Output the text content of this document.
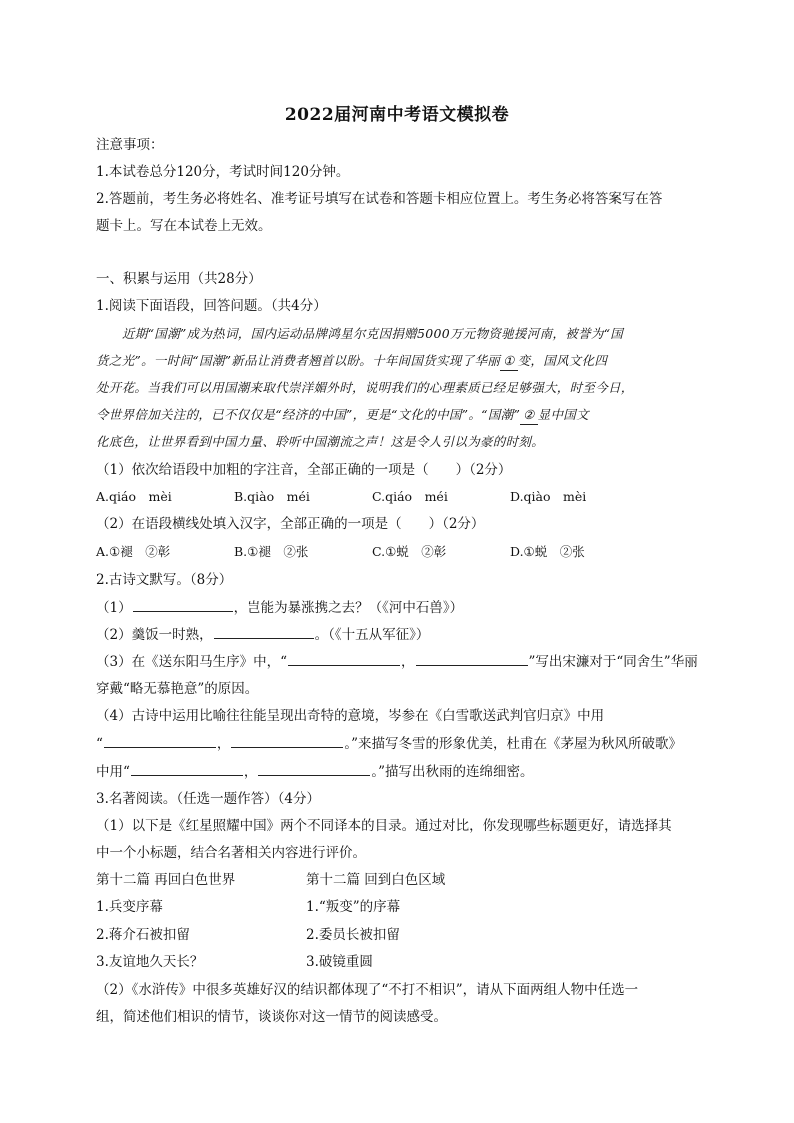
2022届河南中考语文模拟卷
注意事项：
1.本试卷总分120分，考试时间120分钟。
2.答题前，考生务必将姓名、准考证号填写在试卷和答题卡相应位置上。考生务必将答案写在答
题卡上。写在本试卷上无效。
一、积累与运用（共28分）
1.阅读下面语段，回答问题。（共4分）
近期“国潮”成为热词，国内运动品牌鸿星尔克因捐赠5000万元物资驰援河南，被誉为“国
货之光”。一时间“国潮”新品让消费者翘首以盼。十年间国货实现了华丽 ① 变，国风文化四
处开花。当我们可以用国潮来取代崇洋媚外时，说明我们的心理素质已经足够强大，时至今日，
令世界倍加关注的，已不仅仅是“经济的中国”，更是“文化的中国”。“国潮” ② 显中国文
化底色，让世界看到中国力量、聆听中国潮流之声！这是令人引以为豪的时刻。
（1）依次给语段中加粗的字注音，全部正确的一项是（　　）（2分）
A.qiáo　mèi	B.qiào　méi	C.qiáo　méi	D.qiào　mèi
（2）在语段横线处填入汉字，全部正确的一项是（　　）（2分）
A.①褪　②彰	B.①褪　②张	C.①蜕　②彰	D.①蜕　②张
2.古诗文默写。（8分）
（1）	，岂能为暴涨携之去？（《河中石兽》）
（2）羹饭一时熟，	。（《十五从军征》）
（3）在《送东阳马生序》中，“	，	”写出宋濂对于“同舍生”华丽
穿戴“略无慕艳意”的原因。
（4）古诗中运用比喻往往能呈现出奇特的意境，岑参在《白雪歌送武判官归京》中用
“	，	。”来描写冬雪的形象优美，杜甫在《茅屋为秋风所破歌》
中用“	，	。”描写出秋雨的连绵细密。
3.名著阅读。（任选一题作答）（4分）
（1）以下是《红星照耀中国》两个不同译本的目录。通过对比，你发现哪些标题更好，请选择其
中一个小标题，结合名著相关内容进行评价。
第十二篇 再回白色世界	第十二篇 回到白色区域
1.兵变序幕	1.“叛变”的序幕
2.蒋介石被扣留	2.委员长被扣留
3.友谊地久天长？	3.破镜重圆
（2）《水浒传》中很多英雄好汉的结识都体现了“不打不相识”，请从下面两组人物中任选一
组，简述他们相识的情节，谈谈你对这一情节的阅读感受。
